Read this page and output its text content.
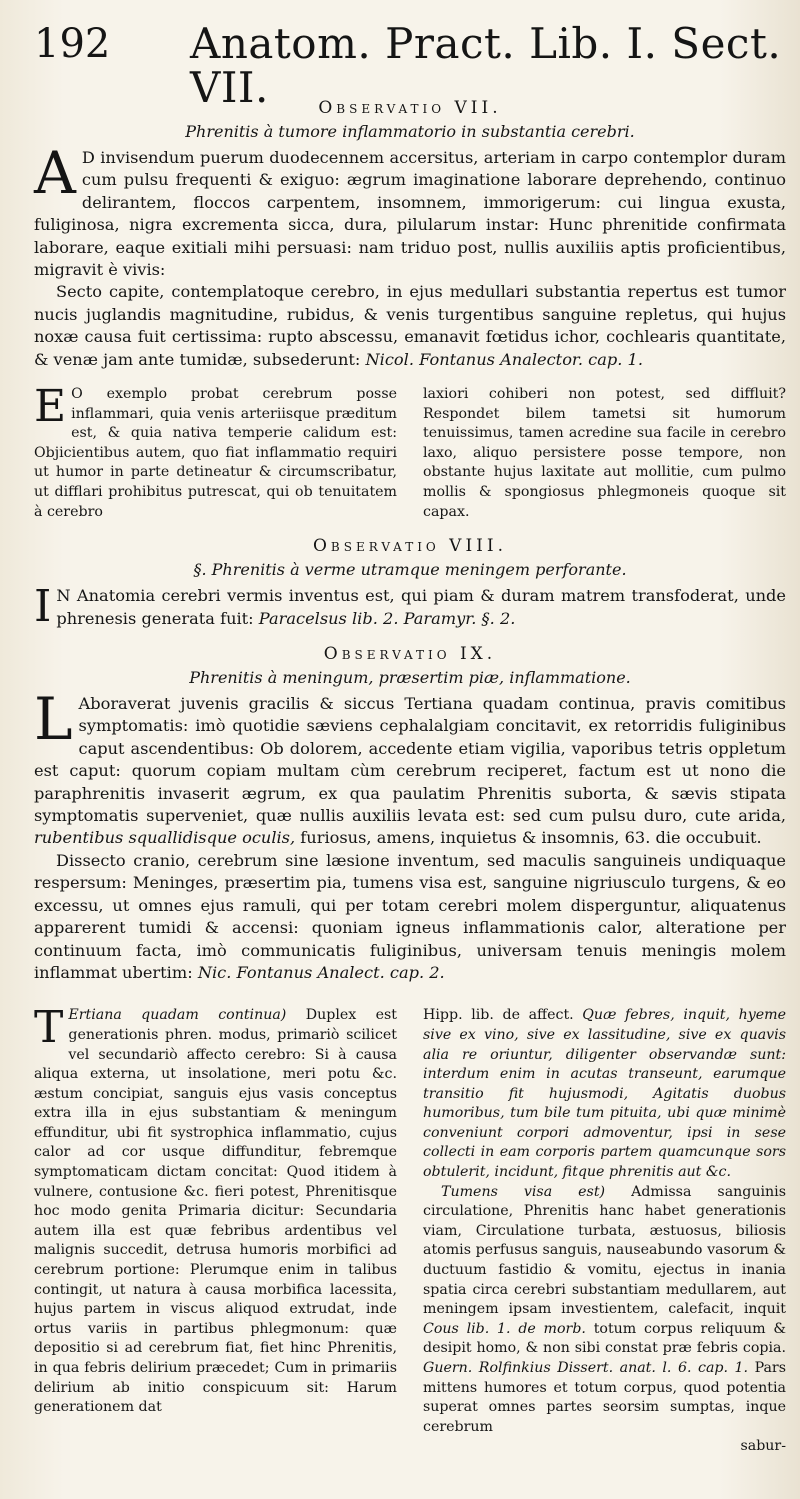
192 Anatom. Pract. Lib. I. Sect. VII.	Observatio VII.
Phrenitis à tumore inflammatorio in substantia cerebri.

A D invisendum puerum duodecennem accersitus, arteriam in carpo contemplor duram cum pulsu frequenti & exiguo: ægrum imaginatione laborare deprehendo, continuo delirantem, floccos carpentem, insomnem, immorigerum: cui lingua exusta, fuliginosa, nigra excrementa sicca, dura, pilularum instar: Hunc phrenitide confirmata laborare, eaque exitiali mihi persuasi: nam triduo post, nullis auxiliis aptis proficientibus, migravit è vivis:

Secto capite, contemplatoque cerebro, in ejus medullari substantia repertus est tumor nucis juglandis magnitudine, rubidus, & venis turgentibus sanguine repletus, qui hujus noxæ causa fuit certissima: rupto abscessu, emanavit fœtidus ichor, cochlearis quantitate, & venæ jam ante tumidæ, subsederunt: Nicol. Fontanus Analector. cap. 1.

E O exemplo probat cerebrum posse inflammari, quia venis arteriisque præditum est, & quia nativa temperie calidum est: Objicientibus autem, quo fiat inflammatio requiri ut humor in parte detineatur & circumscribatur, ut difflari prohibitus putrescat, qui ob tenuitatem à cerebro

laxiori cohiberi non potest, sed diffluit? Respondet bilem tametsi sit humorum tenuissimus, tamen acredine sua facile in cerebro laxo, aliquo persistere posse tempore, non obstante hujus laxitate aut mollitie, cum pulmo mollis & spongiosus phlegmoneis quoque sit capax.

Observatio VIII.
§. Phrenitis à verme utramque meningem perforante.

I N Anatomia cerebri vermis inventus est, qui piam & duram matrem transfoderat, unde phrenesis generata fuit: Paracelsus lib. 2. Paramyr. §. 2.

Observatio IX.
Phrenitis à meningum, præsertim piæ, inflammatione.

L Aboraverat juvenis gracilis & siccus Tertiana quadam continua, pravis comitibus symptomatis: imò quotidie sæviens cephalalgiam concitavit, ex retorridis fuliginibus caput ascendentibus: Ob dolorem, accedente etiam vigilia, vaporibus tetris oppletum est caput: quorum copiam multam cùm cerebrum reciperet, factum est ut nono die paraphrenitis invaserit ægrum, ex qua paulatim Phrenitis suborta, & sævis stipata symptomatis superveniet, quæ nullis auxiliis levata est: sed cum pulsu duro, cute arida, rubentibus squallidisque oculis, furiosus, amens, inquietus & insomnis, 63. die occubuit.

Dissecto cranio, cerebrum sine læsione inventum, sed maculis sanguineis undiquaque respersum: Meninges, præsertim pia, tumens visa est, sanguine nigriusculo turgens, & eo excessu, ut omnes ejus ramuli, qui per totam cerebri molem disperguntur, aliquatenus apparerent tumidi & accensi: quoniam igneus inflammationis calor, alteratione per continuum facta, imò communicatis fuliginibus, universam tenuis meningis molem inflammat ubertim: Nic. Fontanus Analect. cap. 2.

T Ertiana quadam continua) Duplex est generationis phren. modus, primariò scilicet vel secundariò affecto cerebro: Si à causa aliqua externa, ut insolatione, meri potu &c. æstum concipiat, sanguis ejus vasis conceptus extra illa in ejus substantiam & meningum effunditur, ubi fit systrophica inflammatio, cujus calor ad cor usque diffunditur, febremque symptomaticam dictam concitat: Quod itidem à vulnere, contusione &c. fieri potest, Phrenitisque hoc modo genita Primaria dicitur: Secundaria autem illa est quæ febribus ardentibus vel malignis succedit, detrusa humoris morbifici ad cerebrum portione: Plerumque enim in talibus contingit, ut natura à causa morbifica lacessita, hujus partem in viscus aliquod extrudat, inde ortus variis in partibus phlegmonum: quæ depositio si ad cerebrum fiat, fiet hinc Phrenitis, in qua febris delirium præcedet; Cum in primariis delirium ab initio conspicuum sit: Harum generationem dat

Hipp. lib. de affect. Quæ febres, inquit, hyeme sive ex vino, sive ex lassitudine, sive ex quavis alia re oriuntur, diligenter observandæ sunt: interdum enim in acutas transeunt, earumque transitio fit hujusmodi, Agitatis duobus humoribus, tum bile tum pituita, ubi quæ minimè conveniunt corpori admoventur, ipsi in sese collecti in eam corporis partem quamcunque sors obtulerit, incidunt, fitque phrenitis aut &c.

Tumens visa est) Admissa sanguinis circulatione, Phrenitis hanc habet generationis viam, Circulatione turbata, æstuosus, biliosis atomis perfusus sanguis, nauseabundo vasorum & ductuum fastidio & vomitu, ejectus in inania spatia circa cerebri substantiam medullarem, aut meningem ipsam investientem, calefacit, inquit Cous lib. 1. de morb. totum corpus reliquum & desipit homo, & non sibi constat præ febris copia. Guern. Rolfinkius Dissert. anat. l. 6. cap. 1. Pars mittens humores et totum corpus, quod potentia superat omnes partes seorsim sumptas, inque cerebrum

sabur-
